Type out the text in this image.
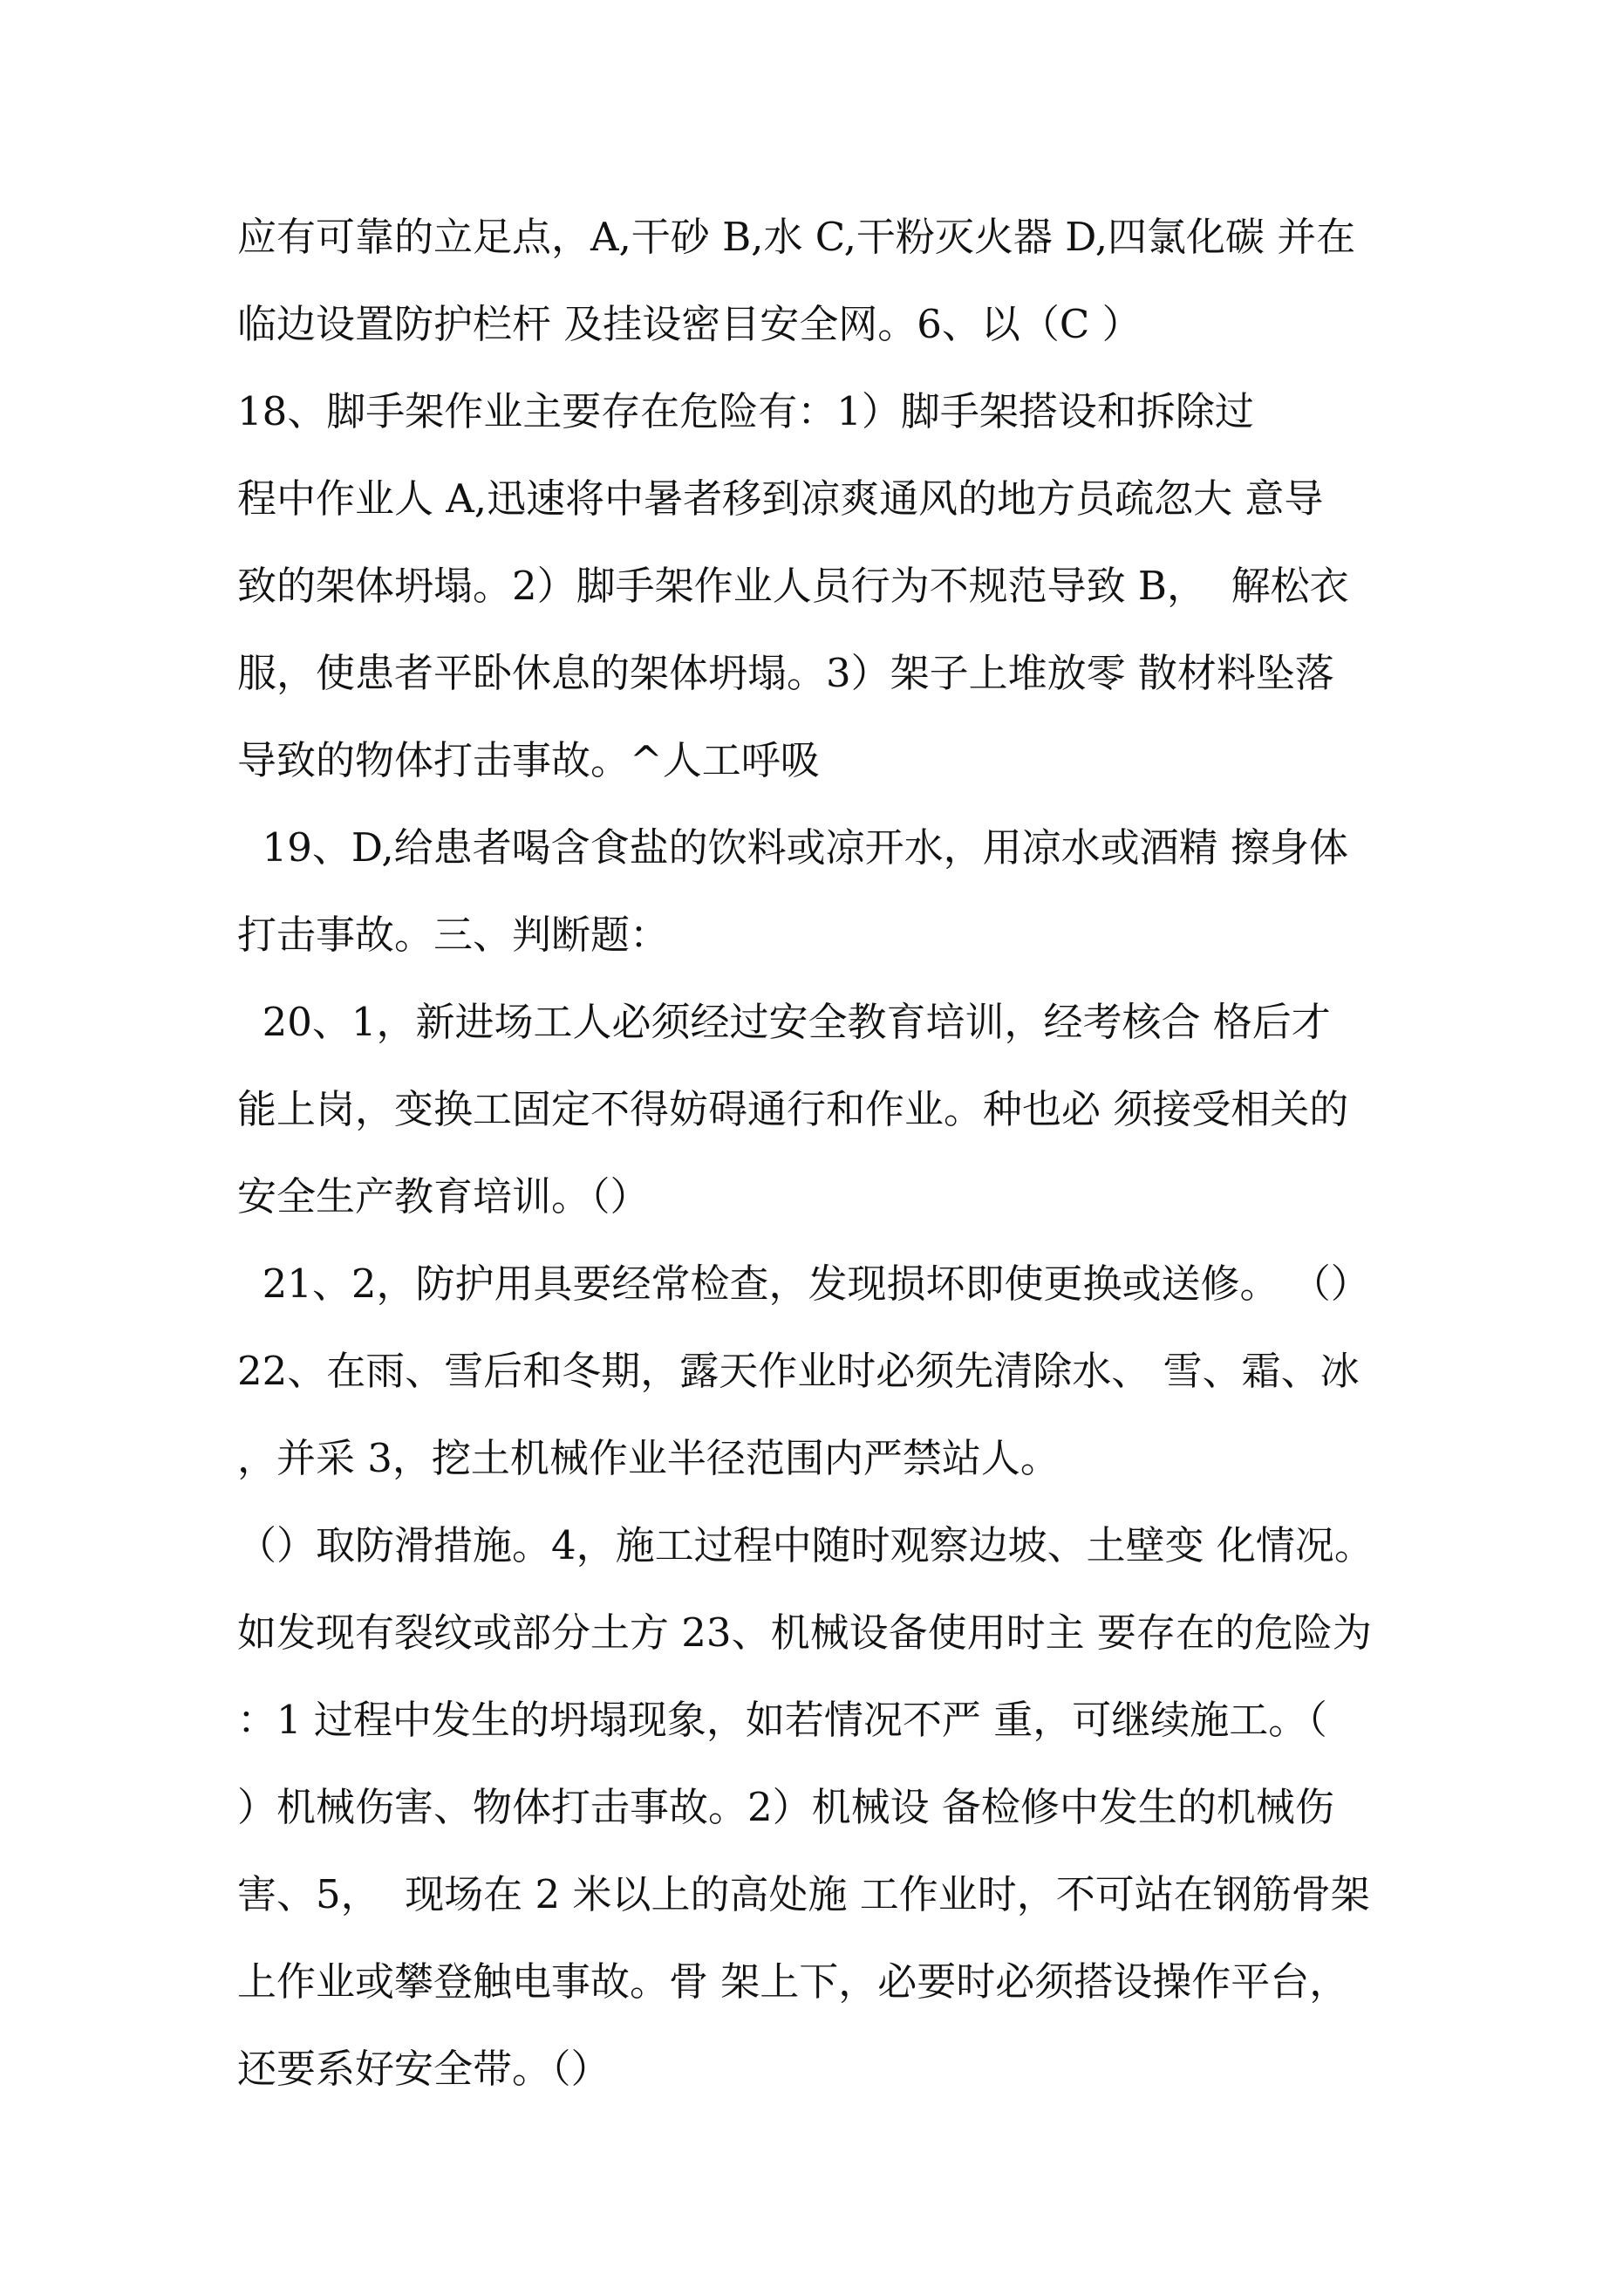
应有可靠的立足点，A,干砂 B,水 C,干粉灭火器 D,四氯化碳 并在
临边设置防护栏杆 及挂设密目安全网。6、以（C ）
18、脚手架作业主要存在危险有：1）脚手架搭设和拆除过
程中作业人 A,迅速将中暑者移到凉爽通风的地方员疏忽大 意导
致的架体坍塌。2）脚手架作业人员行为不规范导致 B，  解松衣
服，使患者平卧休息的架体坍塌。3）架子上堆放零 散材料坠落
导致的物体打击事故。^人工呼吸
19、D,给患者喝含食盐的饮料或凉开水，用凉水或酒精 擦身体
打击事故。三、判断题：
20、1，新进场工人必须经过安全教育培训，经考核合 格后才
能上岗，变换工固定不得妨碍通行和作业。种也必 须接受相关的
安全生产教育培训。（）
21、2，防护用具要经常检查，发现损坏即使更换或送修。 （）
22、在雨、雪后和冬期，露天作业时必须先清除水、 雪、霜、冰
，并采 3，挖土机械作业半径范围内严禁站人。
（）取防滑措施。4，施工过程中随时观察边坡、土壁变 化情况。
如发现有裂纹或部分土方 23、机械设备使用时主 要存在的危险为
：1 过程中发生的坍塌现象，如若情况不严 重，可继续施工。（
）机械伤害、物体打击事故。2）机械设 备检修中发生的机械伤
害、5，  现场在 2 米以上的高处施 工作业时，不可站在钢筋骨架
上作业或攀登触电事故。骨 架上下，必要时必须搭设操作平台，
还要系好安全带。（）
